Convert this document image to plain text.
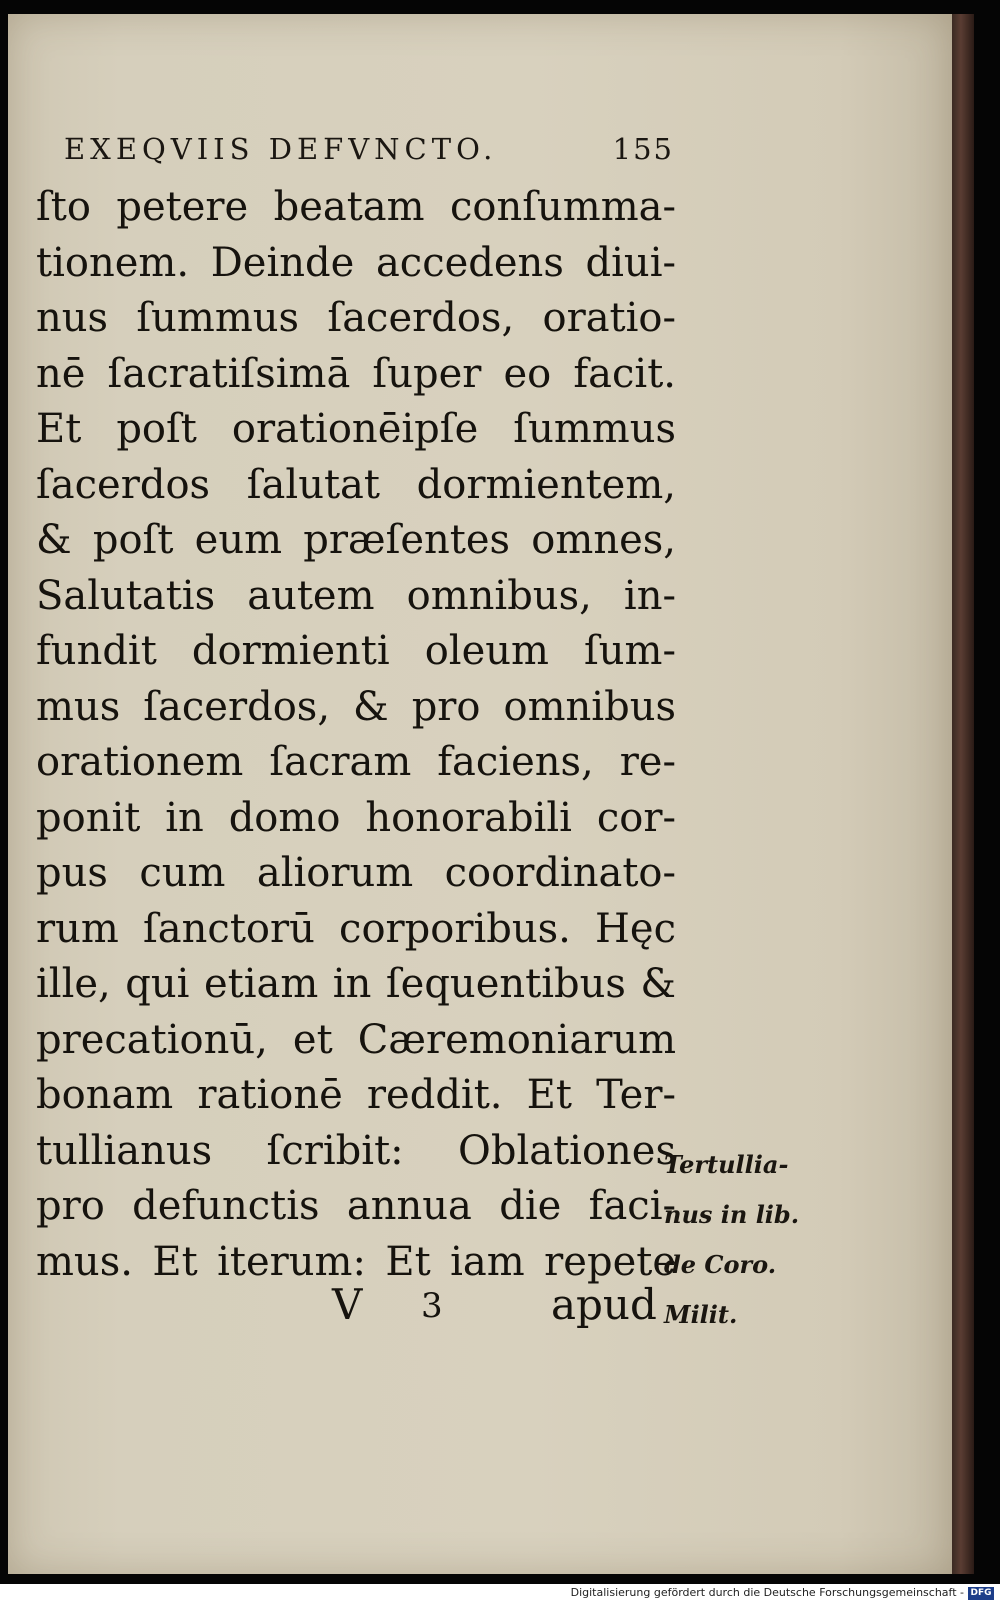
EXEQVIIS DEFVNCTO.	155
ſto petere beatam conſumma-
tionem. Deinde accedens diui-
nus ſummus ſacerdos, oratio-
nē ſacratiſsimā ſuper eo facit.
Et poſt orationēipſe ſummus
ſacerdos ſalutat dormientem,
& poſt eum præſentes omnes,
Salutatis autem omnibus, in-
fundit dormienti oleum ſum-
mus ſacerdos, & pro omnibus
orationem ſacram faciens, re-
ponit in domo honorabili cor-
pus cum aliorum coordinato-
rum ſanctorū corporibus. Hęc
ille, qui etiam in ſequentibus &
precationū, et Cæremoniarum
bonam rationē reddit. Et Ter-
tullianus ſcribit: Oblationes
pro defunctis annua die faci-
mus. Et iterum: Et iam repete
V 3	apud
Tertullia-
nus in lib.
de Coro.
Milit.
Digitalisierung gefördert durch die Deutsche Forschungsgemeinschaft - DFG
